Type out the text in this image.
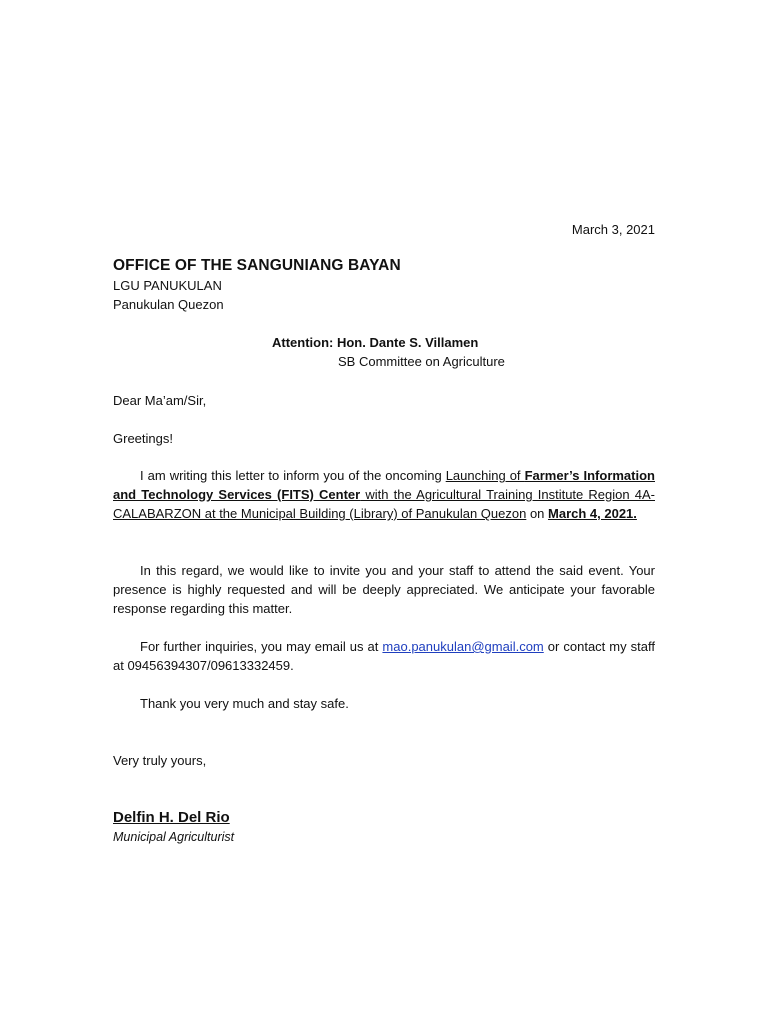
March 3, 2021
OFFICE OF THE SANGUNIANG BAYAN
LGU PANUKULAN
Panukulan Quezon
Attention: Hon. Dante S. Villamen
SB Committee on Agriculture
Dear Ma’am/Sir,
Greetings!
I am writing this letter to inform you of the oncoming Launching of Farmer’s Information and Technology Services (FITS) Center with the Agricultural Training Institute Region 4A-CALABARZON at the Municipal Building (Library) of Panukulan Quezon on March 4, 2021.
In this regard, we would like to invite you and your staff to attend the said event. Your presence is highly requested and will be deeply appreciated. We anticipate your favorable response regarding this matter.
For further inquiries, you may email us at mao.panukulan@gmail.com or contact my staff at 09456394307/09613332459.
Thank you very much and stay safe.
Very truly yours,
Delfin H. Del Rio
Municipal Agriculturist
